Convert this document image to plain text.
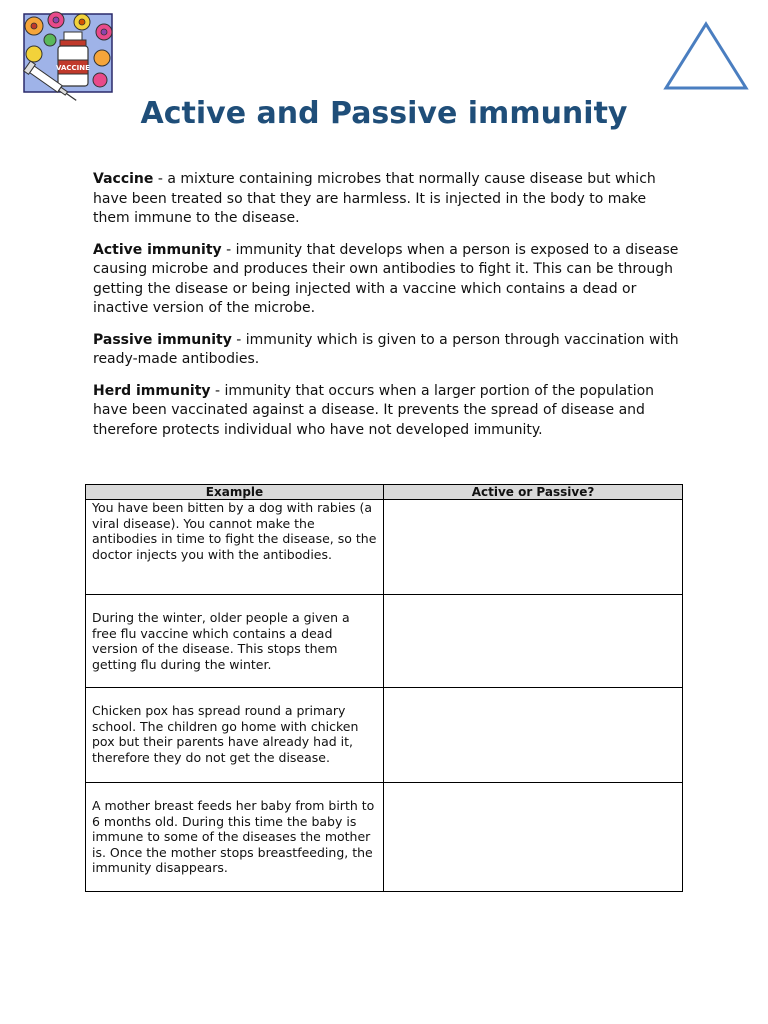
VACCINE
Active and Passive immunity

Vaccine - a mixture containing microbes that normally cause disease but which have been treated so that they are harmless. It is injected in the body to make them immune to the disease.

Active immunity - immunity that develops when a person is exposed to a disease causing microbe and produces their own antibodies to fight it. This can be through getting the disease or being injected with a vaccine which contains a dead or inactive version of the microbe.

Passive immunity - immunity which is given to a person through vaccination with ready-made antibodies.

Herd immunity - immunity that occurs when a larger portion of the population have been vaccinated against a disease. It prevents the spread of disease and therefore protects individual who have not developed immunity.

Example	Active or Passive?
You have been bitten by a dog with rabies (a viral disease). You cannot make the antibodies in time to fight the disease, so the doctor injects you with the antibodies.	
During the winter, older people a given a free flu vaccine which contains a dead version of the disease. This stops them getting flu during the winter.	
Chicken pox has spread round a primary school. The children go home with chicken pox but their parents have already had it, therefore they do not get the disease.	
A mother breast feeds her baby from birth to 6 months old. During this time the baby is immune to some of the diseases the mother is. Once the mother stops breastfeeding, the immunity disappears.	
